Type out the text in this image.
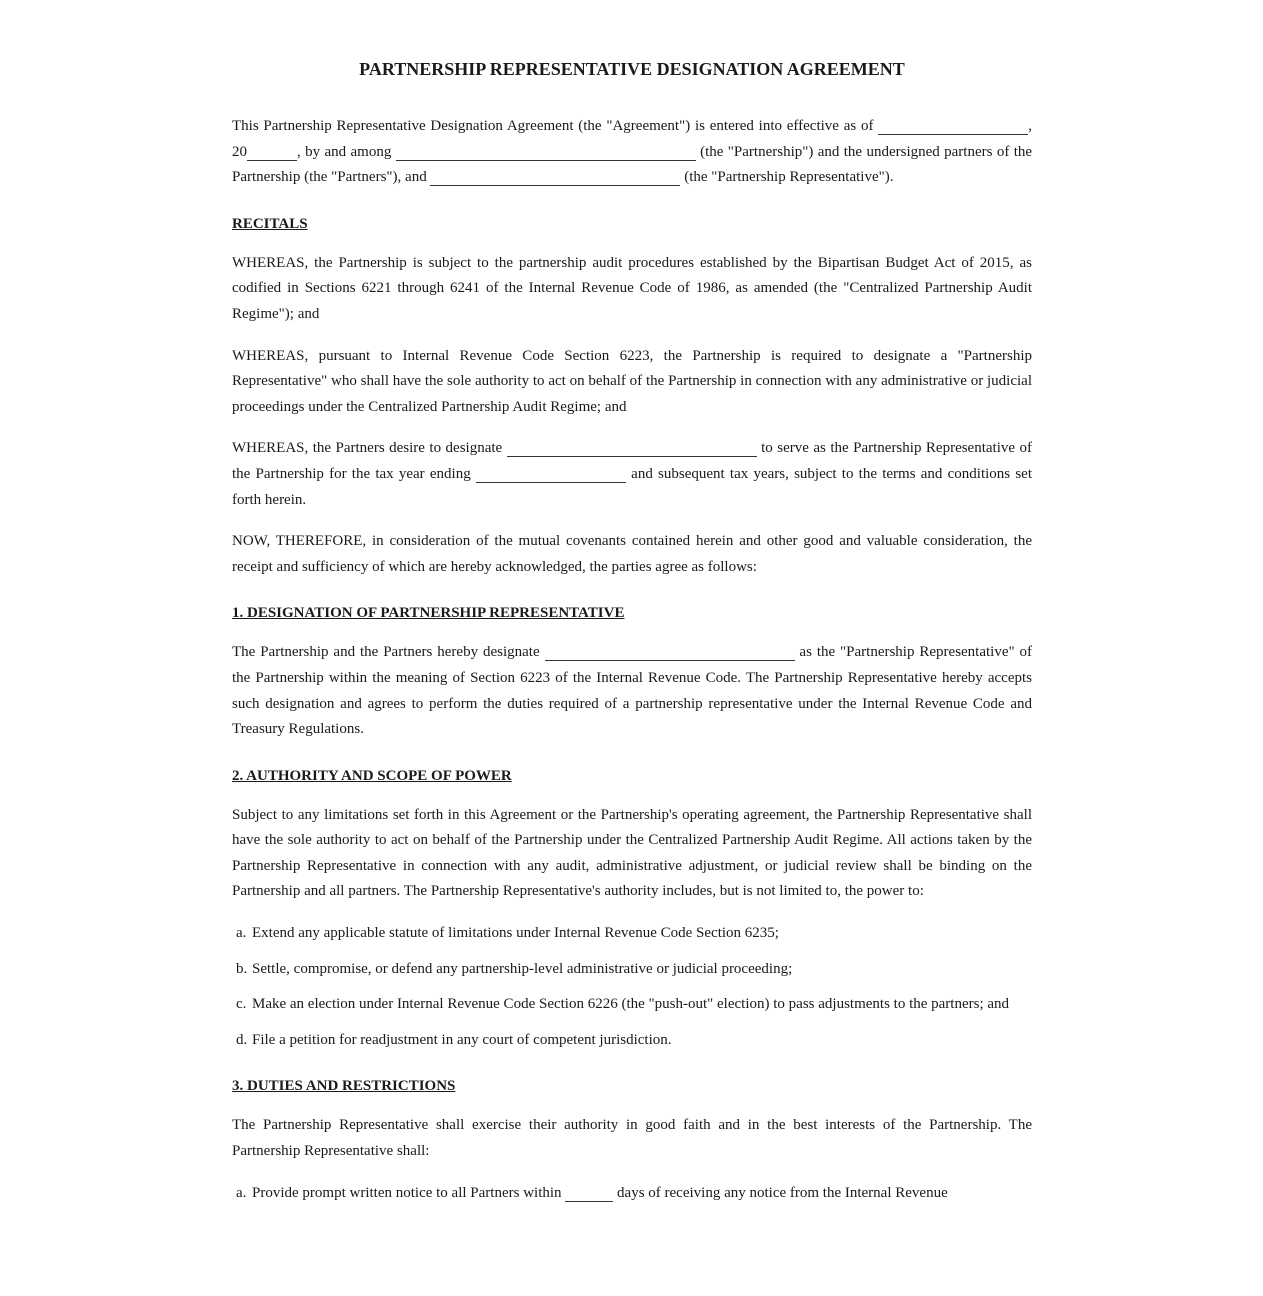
PARTNERSHIP REPRESENTATIVE DESIGNATION AGREEMENT

This Partnership Representative Designation Agreement (the "Agreement") is entered into effective as of	, 20	, by and among	(the "Partnership") and the undersigned partners of the Partnership (the "Partners"), and	(the "Partnership Representative").

RECITALS

WHEREAS, the Partnership is subject to the partnership audit procedures established by the Bipartisan Budget Act of 2015, as codified in Sections 6221 through 6241 of the Internal Revenue Code of 1986, as amended (the "Centralized Partnership Audit Regime"); and

WHEREAS, pursuant to Internal Revenue Code Section 6223, the Partnership is required to designate a "Partnership Representative" who shall have the sole authority to act on behalf of the Partnership in connection with any administrative or judicial proceedings under the Centralized Partnership Audit Regime; and

WHEREAS, the Partners desire to designate	to serve as the Partnership Representative of the Partnership for the tax year ending	and subsequent tax years, subject to the terms and conditions set forth herein.

NOW, THEREFORE, in consideration of the mutual covenants contained herein and other good and valuable consideration, the receipt and sufficiency of which are hereby acknowledged, the parties agree as follows:

1. DESIGNATION OF PARTNERSHIP REPRESENTATIVE

The Partnership and the Partners hereby designate	as the "Partnership Representative" of the Partnership within the meaning of Section 6223 of the Internal Revenue Code. The Partnership Representative hereby accepts such designation and agrees to perform the duties required of a partnership representative under the Internal Revenue Code and Treasury Regulations.

2. AUTHORITY AND SCOPE OF POWER

Subject to any limitations set forth in this Agreement or the Partnership's operating agreement, the Partnership Representative shall have the sole authority to act on behalf of the Partnership under the Centralized Partnership Audit Regime. All actions taken by the Partnership Representative in connection with any audit, administrative adjustment, or judicial review shall be binding on the Partnership and all partners. The Partnership Representative's authority includes, but is not limited to, the power to:

a. Extend any applicable statute of limitations under Internal Revenue Code Section 6235;
b. Settle, compromise, or defend any partnership-level administrative or judicial proceeding;
c. Make an election under Internal Revenue Code Section 6226 (the "push-out" election) to pass adjustments to the partners; and
d. File a petition for readjustment in any court of competent jurisdiction.
3. DUTIES AND RESTRICTIONS

The Partnership Representative shall exercise their authority in good faith and in the best interests of the Partnership. The Partnership Representative shall:

a. Provide prompt written notice to all Partners within	days of receiving any notice from the Internal Revenue
